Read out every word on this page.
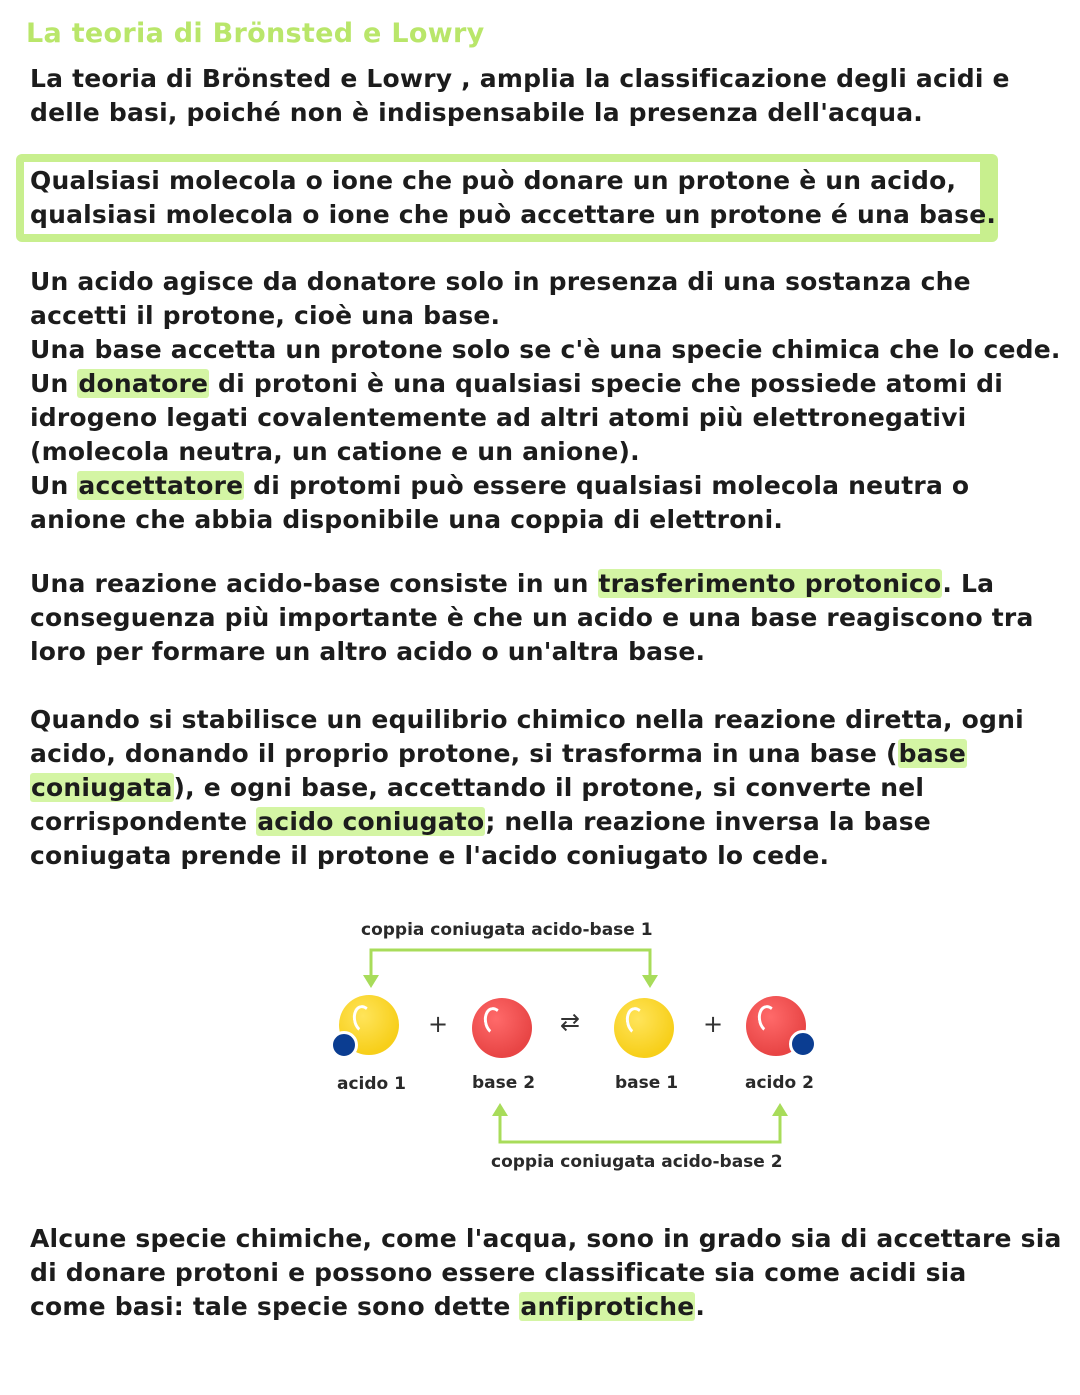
La teoria di Brönsted e Lowry
La teoria di Brönsted e Lowry , amplia la classificazione degli acidi e
delle basi, poiché non è indispensabile la presenza dell'acqua.
Qualsiasi molecola o ione che può donare un protone è un acido,
qualsiasi molecola o ione che può accettare un protone é una base.
Un acido agisce da donatore solo in presenza di una sostanza che
accetti il protone, cioè una base.
Una base accetta un protone solo se c'è una specie chimica che lo cede.
Un donatore di protoni è una qualsiasi specie che possiede atomi di
idrogeno legati covalentemente ad altri atomi più elettronegativi
(molecola neutra, un catione e un anione).
Un accettatore di protomi può essere qualsiasi molecola neutra o
anione che abbia disponibile una coppia di elettroni.
Una reazione acido-base consiste in un trasferimento protonico. La
conseguenza più importante è che un acido e una base reagiscono tra
loro per formare un altro acido o un'altra base.
Quando si stabilisce un equilibrio chimico nella reazione diretta, ogni
acido, donando il proprio protone, si trasforma in una base (base
coniugata), e ogni base, accettando il protone, si converte nel
corrispondente acido coniugato; nella reazione inversa la base
coniugata prende il protone e l'acido coniugato lo cede.
coppia coniugata acido-base 1
+	⇄	+
acido 1	base 2	base 1	acido 2
coppia coniugata acido-base 2
Alcune specie chimiche, come l'acqua, sono in grado sia di accettare sia
di donare protoni e possono essere classificate sia come acidi sia
come basi: tale specie sono dette anfiprotiche.
